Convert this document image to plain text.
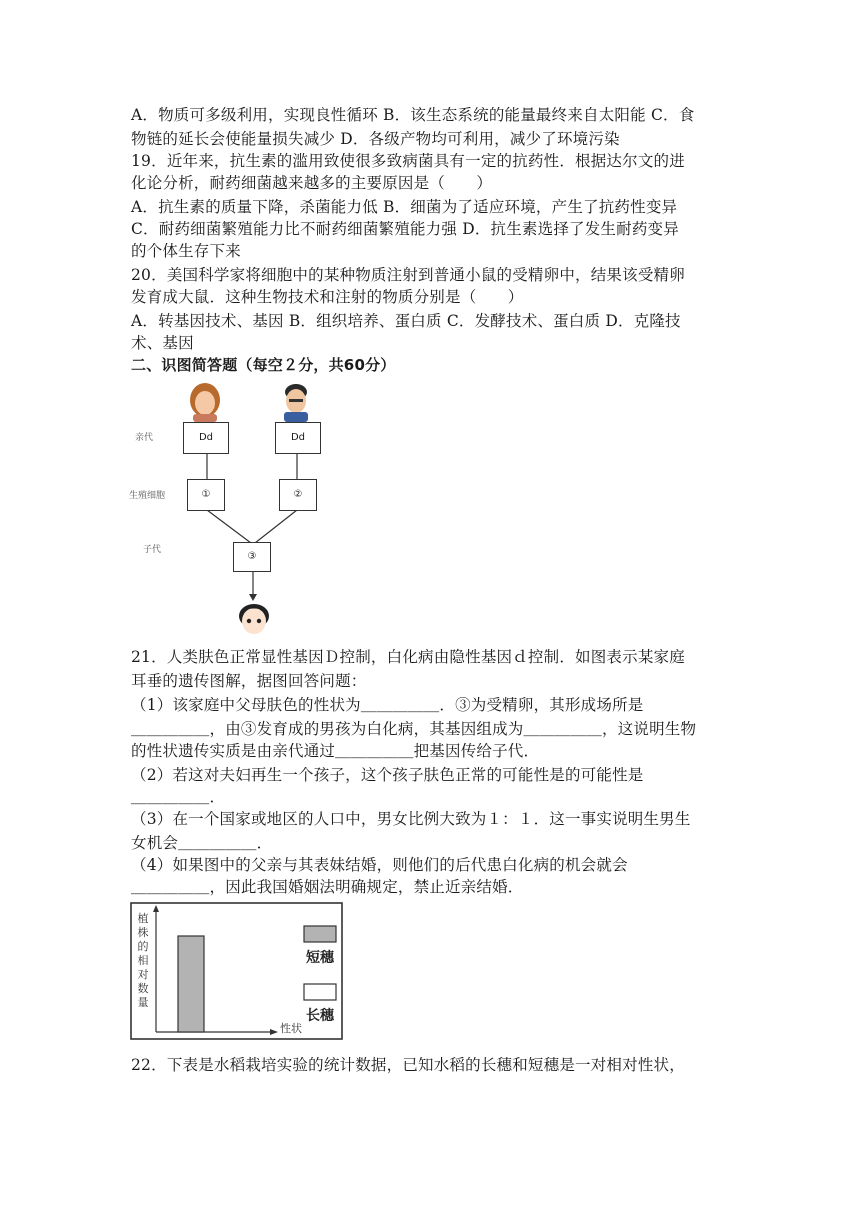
A．物质可多级利用，实现良性循环 B．该生态系统的能量最终来自太阳能 C．食
物链的延长会使能量损失减少 D．各级产物均可利用，减少了环境污染
19．近年来，抗生素的滥用致使很多致病菌具有一定的抗药性．根据达尔文的进
化论分析，耐药细菌越来越多的主要原因是（　　）
A．抗生素的质量下降，杀菌能力低 B．细菌为了适应环境，产生了抗药性变异
C．耐药细菌繁殖能力比不耐药细菌繁殖能力强 D．抗生素选择了发生耐药变异
的个体生存下来
20．美国科学家将细胞中的某种物质注射到普通小鼠的受精卵中，结果该受精卵
发育成大鼠．这种生物技术和注射的物质分别是（　　）
A．转基因技术、基因 B．组织培养、蛋白质 C．发酵技术、蛋白质 D．克隆技
术、基因
二、识图简答题（每空２分，共60分）
亲代
生殖细胞
子代
Dd	Dd
①	②
③
21．人类肤色正常显性基因Ｄ控制，白化病由隐性基因ｄ控制．如图表示某家庭
耳垂的遗传图解，据图回答问题：
（1）该家庭中父母肤色的性状为＿＿＿＿＿．③为受精卵，其形成场所是
＿＿＿＿＿，由③发育成的男孩为白化病，其基因组成为＿＿＿＿＿，这说明生物
的性状遗传实质是由亲代通过＿＿＿＿＿把基因传给子代．
（2）若这对夫妇再生一个孩子，这个孩子肤色正常的可能性是的可能性是
＿＿＿＿＿．
（3）在一个国家或地区的人口中，男女比例大致为１：１．这一事实说明生男生
女机会＿＿＿＿＿．
（4）如果图中的父亲与其表妹结婚，则他们的后代患白化病的机会就会
＿＿＿＿＿，因此我国婚姻法明确规定，禁止近亲结婚．
植
株
的
相
对
数
量
性状
短穗
长穗
22．下表是水稻栽培实验的统计数据，已知水稻的长穗和短穗是一对相对性状，
